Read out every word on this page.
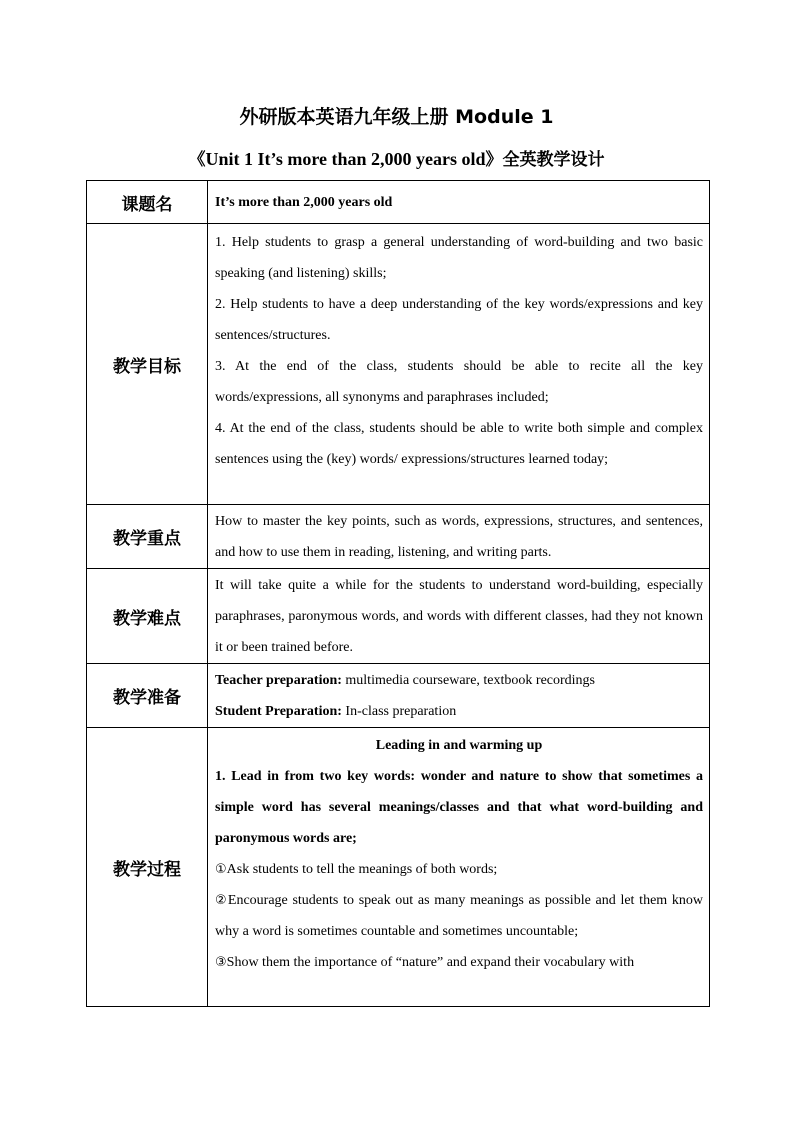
外研版本英语九年级上册 Module 1
《Unit 1 It’s more than 2,000 years old》全英教学设计
课题名	It’s more than 2,000 years old
教学目标	1. Help students to grasp a general understanding of word-building and two basic speaking (and listening) skills;

2. Help students to have a deep understanding of the key words/expressions and key sentences/structures.

3. At the end of the class, students should be able to recite all the key words/expressions, all synonyms and paraphrases included;

4. At the end of the class, students should be able to write both simple and complex sentences using the (key) words/ expressions/structures learned today;

教学重点	How to master the key points, such as words, expressions, structures, and sentences, and how to use them in reading, listening, and writing parts.

教学难点	It will take quite a while for the students to understand word-building, especially paraphrases, paronymous words, and words with different classes, had they not known it or been trained before.

教学准备	Teacher preparation: multimedia courseware, textbook recordings

Student Preparation: In-class preparation

教学过程	Leading in and warming up

1. Lead in from two key words: wonder and nature to show that sometimes a simple word has several meanings/classes and that what word-building and paronymous words are;

①Ask students to tell the meanings of both words;

②Encourage students to speak out as many meanings as possible and let them know why a word is sometimes countable and sometimes uncountable;

③Show them the importance of “nature” and expand their vocabulary with
